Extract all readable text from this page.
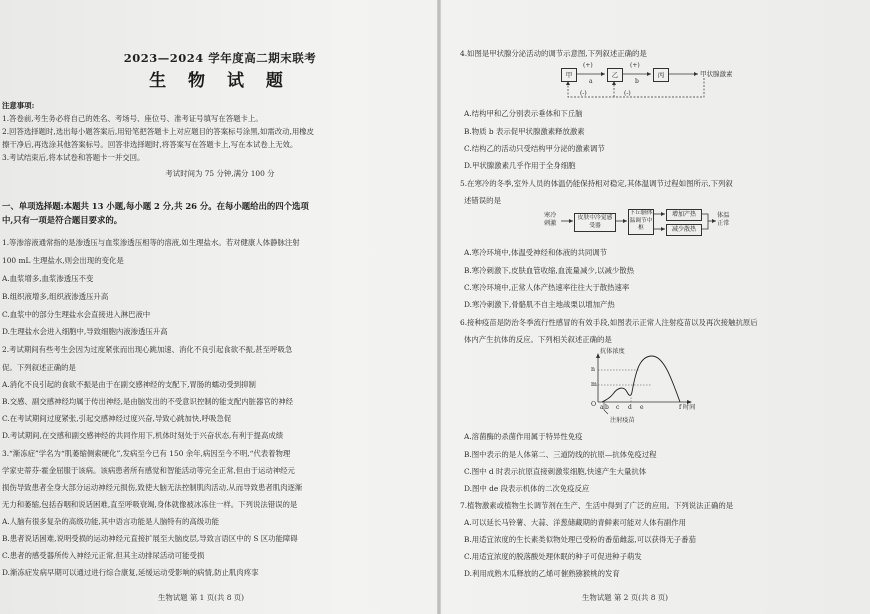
2023—2024 学年度高二期末联考
生 物 试 题
注意事项:
1.答卷前,考生务必将自己的姓名、考场号、座位号、准考证号填写在答题卡上。
2.回答选择题时,选出每小题答案后,用铅笔把答题卡上对应题目的答案标号涂黑,如需改动,用橡皮
擦干净后,再选涂其他答案标号。回答非选择题时,将答案写在答题卡上,写在本试卷上无效。
3.考试结束后,将本试卷和答题卡一并交回。
考试时间为 75 分钟,满分 100 分
一、单项选择题:本题共 13 小题,每小题 2 分,共 26 分。在每小题给出的四个选项
中,只有一项是符合题目要求的。
1.等渗溶液通常指的是渗透压与血浆渗透压相等的溶液,如生理盐水。若对健康人体静脉注射
100 mL 生理盐水,则会出现的变化是
A.血浆增多,血浆渗透压不变
B.组织液增多,组织液渗透压升高
C.血浆中的部分生理盐水会直接进入淋巴液中
D.生理盐水会进入细胞中,导致细胞内液渗透压升高
2.考试期间有些考生会因为过度紧张而出现心跳加速、消化不良引起食欲不振,甚至呼吸急
促。下列叙述正确的是
A.消化不良引起的食欲不振是由于在副交感神经的支配下,胃肠的蠕动受到抑制
B.交感、副交感神经均属于传出神经,是由脑发出的不受意识控制的能支配内脏器官的神经
C.在考试期间过度紧张,引起交感神经过度兴奋,导致心跳加快,呼吸急促
D.考试期间,在交感和副交感神经的共同作用下,机体时刻处于兴奋状态,有利于提高成绩
3.“渐冻症”学名为“肌萎缩侧索硬化”,发病至今已有 150 余年,病因至今不明,“代表着物理
学家史蒂芬·霍金屈服于该病。该病患者所有感觉和智能活动等完全正常,但由于运动神经元
损伤导致患者全身大部分运动神经元损伤,致使大脑无法控制肌肉活动,从而导致患者肌肉逐渐
无力和萎缩,包括吞咽和说话困难,直至呼吸衰竭,身体就像被冰冻住一样。下列说法错误的是
A.人脑有很多复杂的高级功能,其中语言功能是人脑特有的高级功能
B.患者说话困难,说明受损的运动神经元直接扩展至大脑皮层,导致言语区中的 S 区功能障碍
C.患者的感受器所传入神经元正常,但其主动排尿活动可能受损
D.渐冻症发病早期可以通过进行综合康复,延缓运动受影响的病情,防止肌肉疼挛
生物试题 第 1 页(共 8 页)
4.如图是甲状腺分泌活动的调节示意图,下列叙述正确的是
甲	乙	丙
(+)
a
(+)
b
(-)	(-)
甲状腺激素
A.结构甲和乙分别表示垂体和下丘脑
B.物质 b 表示促甲状腺激素释放激素
C.结构乙的活动只受结构甲分泌的激素调节
D.甲状腺激素几乎作用于全身细胞
5.在寒冷的冬季,室外人员的体温仍能保持相对稳定,其体温调节过程如图所示,下列叙
述错误的是
寒冷刺激
皮肤中冷觉感受器
下丘脑体温调节中枢
增加产热
减少散热
体温正常
A.寒冷环境中,体温受神经和体液的共同调节
B.寒冷刺激下,皮肤血管收缩,血流量减少,以减少散热
C.寒冷环境中,正常人体产热速率往往大于散热速率
D.寒冷刺激下,骨骼肌不自主地战栗以增加产热
6.接种疫苗是防治冬季流行性感冒的有效手段,如图表示正常人注射疫苗以及再次接触抗原后
体内产生抗体的反应。下列相关叙述正确的是
抗体浓度
m
n
O a b c d e	f 时间
注射疫苗
A.溶菌酶的杀菌作用属于特异性免疫
B.图中表示的是人体第二、三道防线的抗原—抗体免疫过程
C.图中 d 时表示抗原直接刺激浆细胞,快速产生大量抗体
D.图中 de 段表示机体的二次免疫反应
7.植物激素或植物生长调节剂在生产、生活中得到了广泛的应用。下列说法正确的是
A.可以延长马铃薯、大蒜、洋葱储藏期的青鲜素可能对人体有副作用
B.用适宜浓度的生长素类似物处理已受粉的番茄雌蕊,可以获得无子番茄
C.用适宜浓度的脱落酸处理休眠的种子可促进种子萌发
D.利用成熟木瓜释放的乙烯可催熟猕猴桃的发育
生物试题 第 2 页(共 8 页)
